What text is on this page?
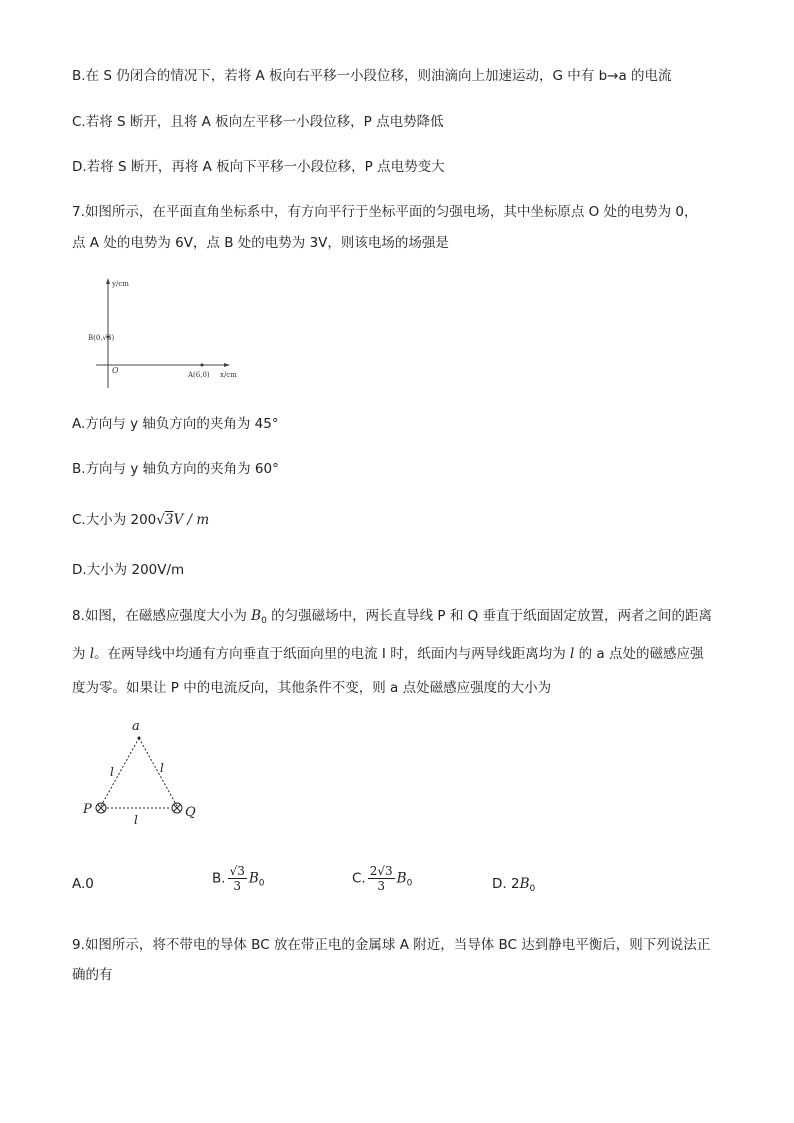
B.在 S 仍闭合的情况下，若将 A 板向右平移一小段位移，则油滴向上加速运动，G 中有 b→a 的电流
C.若将 S 断开，且将 A 板向左平移一小段位移，P 点电势降低
D.若将 S 断开，再将 A 板向下平移一小段位移，P 点电势变大
7.如图所示，在平面直角坐标系中，有方向平行于坐标平面的匀强电场，其中坐标原点 O 处的电势为 0，
点 A 处的电势为 6V，点 B 处的电势为 3V，则该电场的场强是
y/cm
x/cm
O
B(0,√3)
A(6,0)
A.方向与 y 轴负方向的夹角为 45°
B.方向与 y 轴负方向的夹角为 60°
C.大小为 200√3V / m
D.大小为 200V/m
8.如图，在磁感应强度大小为 $B_0$ 的匀强磁场中，两长直导线 P 和 Q 垂直于纸面固定放置，两者之间的距离
为 l。在两导线中均通有方向垂直于纸面向里的电流 I 时，纸面内与两导线距离均为 l 的 a 点处的磁感应强
度为零。如果让 P 中的电流反向，其他条件不变，则 a 点处磁感应强度的大小为
a
P	Q
l	l
l
A.0	B. $\frac{√3}{3} B_0$	C. $\frac{2√3}{3} B_0$	D. $2B_0$
9.如图所示，将不带电的导体 BC 放在带正电的金属球 A 附近，当导体 BC 达到静电平衡后，则下列说法正
确的有
